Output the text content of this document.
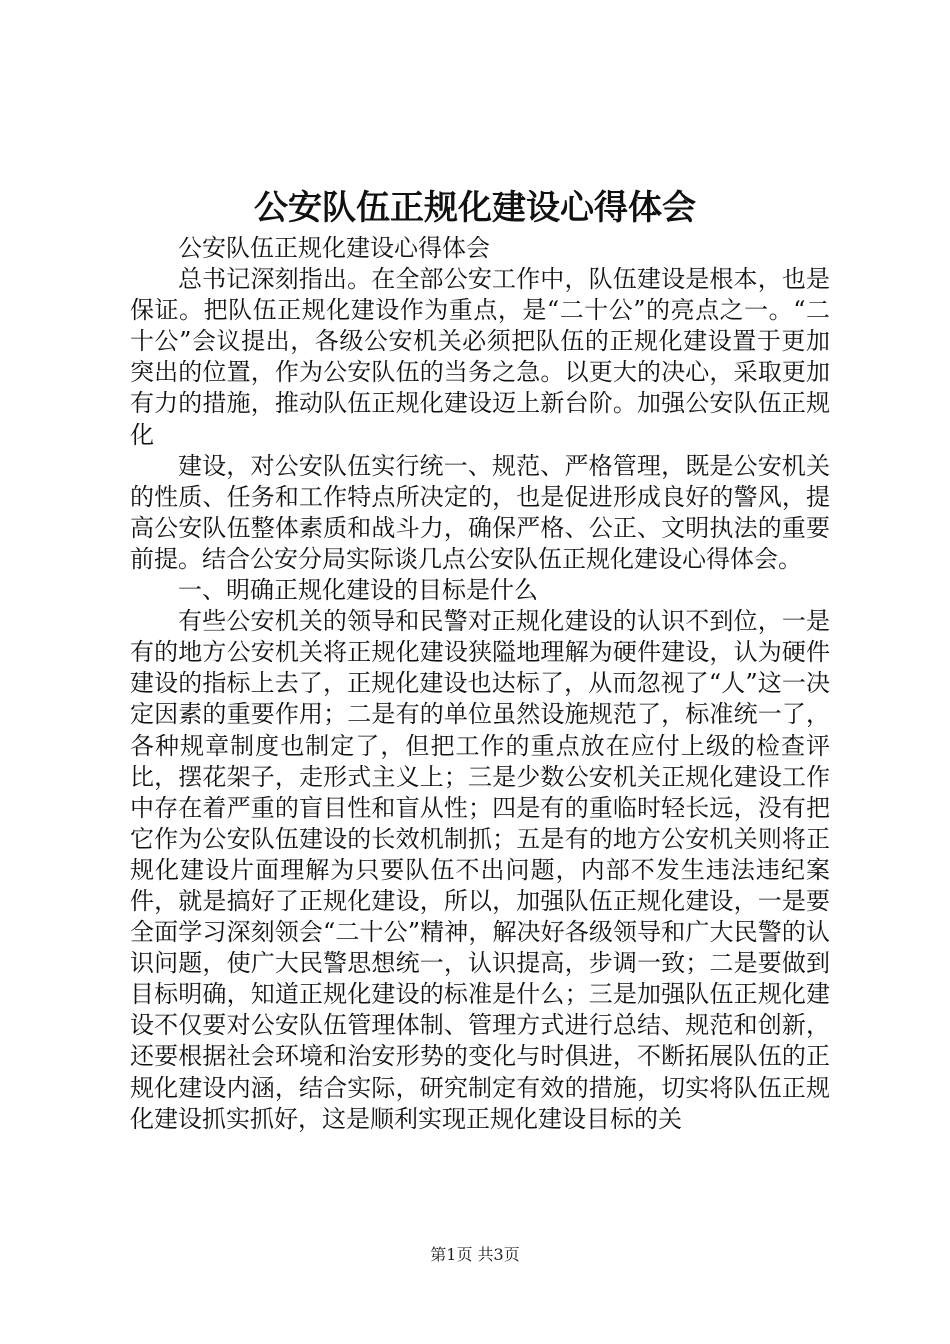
公安队伍正规化建设心得体会

公安队伍正规化建设心得体会

总书记深刻指出。在全部公安工作中，队伍建设是根本，也是保证。把队伍正规化建设作为重点，是“二十公”的亮点之一。“二十公”会议提出，各级公安机关必须把队伍的正规化建设置于更加突出的位置，作为公安队伍的当务之急。以更大的决心，采取更加有力的措施，推动队伍正规化建设迈上新台阶。加强公安队伍正规化

建设，对公安队伍实行统一、规范、严格管理，既是公安机关的性质、任务和工作特点所决定的，也是促进形成良好的警风，提高公安队伍整体素质和战斗力，确保严格、公正、文明执法的重要前提。结合公安分局实际谈几点公安队伍正规化建设心得体会。

一、明确正规化建设的目标是什么

有些公安机关的领导和民警对正规化建设的认识不到位，一是有的地方公安机关将正规化建设狭隘地理解为硬件建设，认为硬件建设的指标上去了，正规化建设也达标了，从而忽视了“人”这一决定因素的重要作用；二是有的单位虽然设施规范了，标准统一了，各种规章制度也制定了，但把工作的重点放在应付上级的检查评比，摆花架子，走形式主义上；三是少数公安机关正规化建设工作中存在着严重的盲目性和盲从性；四是有的重临时轻长远，没有把它作为公安队伍建设的长效机制抓；五是有的地方公安机关则将正规化建设片面理解为只要队伍不出问题，内部不发生违法违纪案件，就是搞好了正规化建设，所以，加强队伍正规化建设，一是要全面学习深刻领会“二十公”精神，解决好各级领导和广大民警的认识问题，使广大民警思想统一，认识提高，步调一致；二是要做到目标明确，知道正规化建设的标准是什么；三是加强队伍正规化建设不仅要对公安队伍管理体制、管理方式进行总结、规范和创新，还要根据社会环境和治安形势的变化与时俱进，不断拓展队伍的正规化建设内涵，结合实际，研究制定有效的措施，切实将队伍正规化建设抓实抓好，这是顺利实现正规化建设目标的关

第1页 共3页
